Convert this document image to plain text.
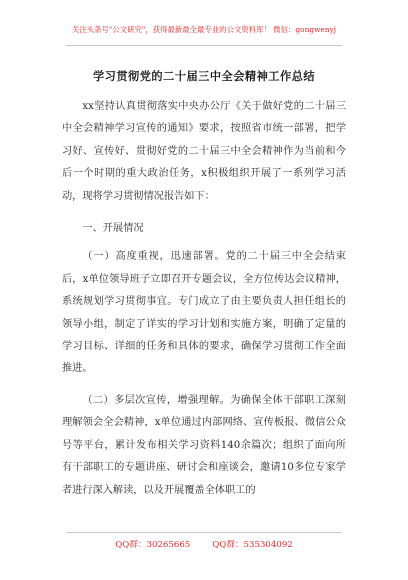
关注头条号"公文研究"，获得最新最全最专业的公文资料库！ 微信：gongwenyj
学习贯彻党的二十届三中全会精神工作总结

xx坚持认真贯彻落实中央办公厅《关于做好党的二十届三中全会精神学习宣传的通知》要求，按照省市统一部署，把学习好、宣传好、贯彻好党的二十届三中全会精神作为当前和今后一个时期的重大政治任务，x积极组织开展了一系列学习活动，现将学习贯彻情况报告如下：

一、开展情况

（一）高度重视，迅速部署。党的二十届三中全会结束后，x单位领导班子立即召开专题会议，全方位传达会议精神，系统规划学习贯彻事宜。专门成立了由主要负责人担任组长的领导小组，制定了详实的学习计划和实施方案，明确了定量的学习目标、详细的任务和具体的要求，确保学习贯彻工作全面推进。

（二）多层次宣传，增强理解。为确保全体干部职工深刻理解领会全会精神，x单位通过内部网络、宣传板报、微信公众号等平台，累计发布相关学习资料140余篇次；组织了面向所有干部职工的专题讲座、研讨会和座谈会，邀请10多位专家学者进行深入解读，以及开展覆盖全体职工的

QQ群：30265665	QQ群：535304092
